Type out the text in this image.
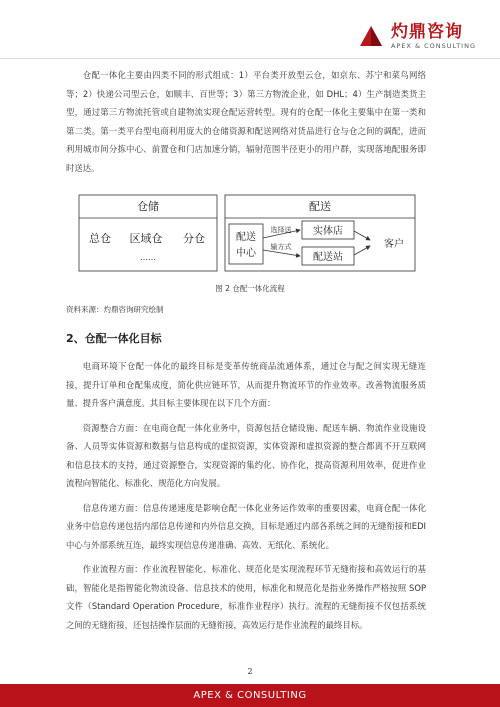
灼鼎咨询
APEX & CONSULTING

仓配一体化主要由四类不同的形式组成：1）平台类开放型云仓，如京东、苏宁和菜鸟网络等；2）快递公司型云仓，如顺丰、百世等；3）第三方物流企业，如 DHL；4）生产制造类货主型，通过第三方物流托管或自建物流实现仓配运营转型。现有的仓配一体化主要集中在第一类和第二类。第一类平台型电商利用庞大的仓储资源和配送网络对货品进行仓与仓之间的调配，进而利用城市间分拣中心、前置仓和门店加速分销，辐射范围半径更小的用户群，实现落地配服务即时送达。

仓储
总仓 区域仓 分仓
……
配送
配送
中心
选择送
输方式
实体店
配送站
客户
图 2 仓配一体化流程
资料来源：灼鼎咨询研究绘制
2、仓配一体化目标

电商环境下仓配一体化的最终目标是变革传统商品流通体系，通过仓与配之间实现无缝连接，提升订单和仓配集成度，简化供应链环节，从而提升物流环节的作业效率。改善物流服务质量、提升客户满意度。其目标主要体现在以下几个方面：

资源整合方面：在电商仓配一体化业务中，资源包括仓储设施、配送车辆、物流作业设施设备、人员等实体资源和数据与信息构成的虚拟资源，实体资源和虚拟资源的整合都离不开互联网和信息技术的支持，通过资源整合，实现资源的集约化、协作化，提高资源利用效率，促进作业流程向智能化、标准化、规范化方向发展。

信息传递方面：信息传递速度是影响仓配一体化业务运作效率的重要因素，电商仓配一体化业务中信息传递包括内部信息传递和内外信息交换，目标是通过内部各系统之间的无缝衔接和EDI 中心与外部系统互连，最终实现信息传递准确、高效、无纸化、系统化。

作业流程方面：作业流程智能化、标准化、规范化是实现流程环节无缝衔接和高效运行的基础，智能化是指智能化物流设备、信息技术的使用，标准化和规范化是指业务操作严格按照 SOP 文件（Standard Operation Procedure，标准作业程序）执行。流程的无缝衔接不仅包括系统之间的无缝衔接，还包括操作层面的无缝衔接，高效运行是作业流程的最终目标。

2
APEX & CONSULTING
